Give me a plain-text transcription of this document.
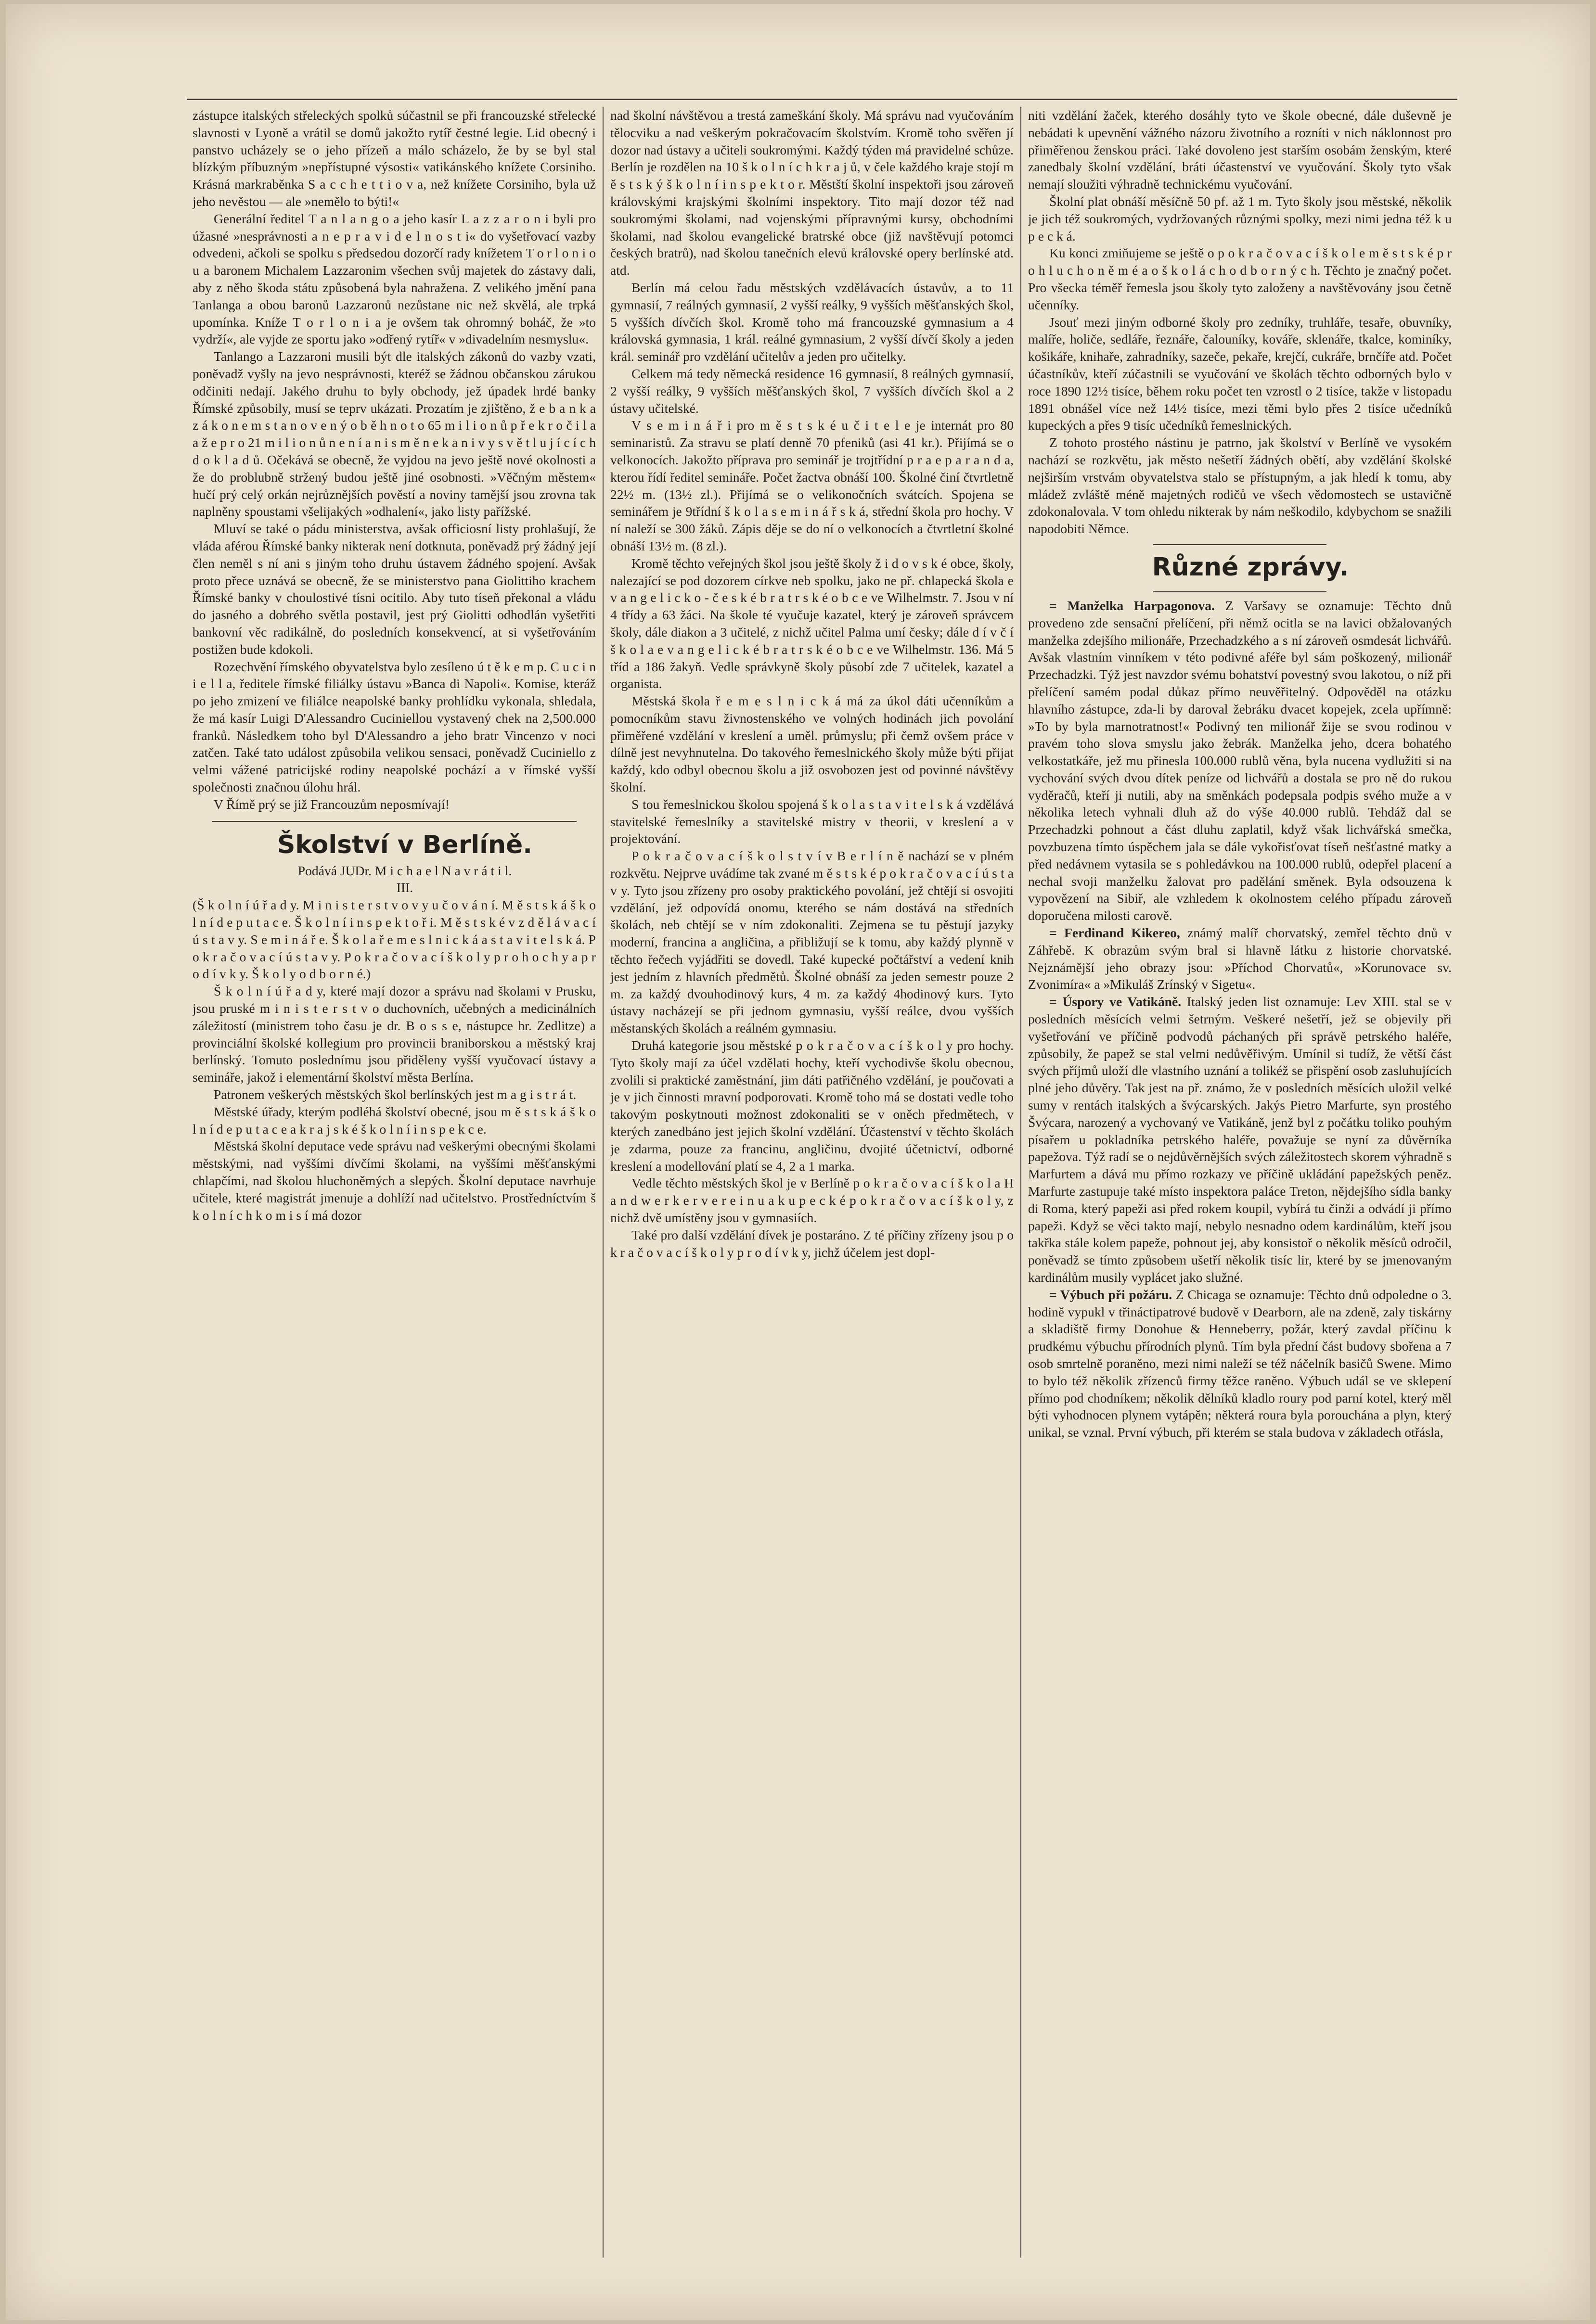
zástupce italských střeleckých spolků súčastnil se při francouzské střelecké slavnosti v Lyoně a vrátil se domů jakožto rytíř čestné legie. Lid obecný i panstvo ucházely se o jeho přízeň a málo scházelo, že by se byl stal blízkým příbuzným »nepřístupné výsosti« vatikánského knížete Corsiniho. Krásná markraběnka S a c c h e t t i o v a, než knížete Corsiniho, byla už jeho nevěstou — ale »nemělo to býti!«

Generální ředitel T a n l a n g o a jeho kasír L a z z a r o n i byli pro úžasné »nesprávnosti a n e p r a v i d e l n o s t i« do vyšetřovací vazby odvedeni, ačkoli se spolku s předsedou dozorčí rady knížetem T o r l o n i o u a baronem Michalem Lazzaronim všechen svůj majetek do zástavy dali, aby z něho škoda státu způsobená byla nahražena. Z velikého jmění pana Tanlanga a obou baronů Lazzaronů nezůstane nic než skvělá, ale trpká upomínka. Kníže T o r l o n i a je ovšem tak ohromný boháč, že »to vydrží«, ale vyjde ze sportu jako »odřený rytíř« v »divadelním nesmyslu«.

Tanlango a Lazzaroni musili být dle italských zákonů do vazby vzati, poněvadž vyšly na jevo nesprávnosti, kteréž se žádnou občanskou zárukou odčiniti nedají. Jakého druhu to byly obchody, jež úpadek hrdé banky Římské způsobily, musí se teprv ukázati. Prozatím je zjištěno, ž e b a n k a z á k o n e m s t a n o v e n ý o b ě h n o t o 65 m i l i o n ů p ř e k r o č i l a a ž e p r o 21 m i l i o n ů n e n í a n i s m ě n e k a n i v y s v ě t l u j í c í c h d o k l a d ů. Očekává se obecně, že vyjdou na jevo ještě nové okolnosti a že do problubně stržený budou ještě jiné osobnosti. »Věčným městem« hučí prý celý orkán nejrůznějších pověstí a noviny tamější jsou zrovna tak naplněny spoustami všelijakých »odhalení«, jako listy pařížské.

Mluví se také o pádu ministerstva, avšak officiosní listy prohlašují, že vláda aférou Římské banky nikterak není dotknuta, poněvadž prý žádný její člen neměl s ní ani s jiným toho druhu ústavem žádného spojení. Avšak proto přece uznává se obecně, že se ministerstvo pana Giolittiho krachem Římské banky v choulostivé tísni ocitilo. Aby tuto tíseň překonal a vládu do jasného a dobrého světla postavil, jest prý Giolitti odhodlán vyšetřiti bankovní věc radikálně, do posledních konsekvencí, at si vyšetřováním postižen bude kdokoli.

Rozechvění římského obyvatelstva bylo zesíleno ú t ě k e m p. C u c i n i e l l a, ředitele římské filiálky ústavu »Banca di Napoli«. Komise, kteráž po jeho zmizení ve filiálce neapolské banky prohlídku vykonala, shledala, že má kasír Luigi D'Alessandro Cuciniellou vystavený chek na 2,500.000 franků. Následkem toho byl D'Alessandro a jeho bratr Vincenzo v noci zatčen. Také tato událost způsobila velikou sensaci, poněvadž Cuciniello z velmi vážené patricijské rodiny neapolské pochází a v římské vyšší společnosti značnou úlohu hrál.

V Římě prý se již Francouzům neposmívají!

Školství v Berlíně.

Podává JUDr. M i c h a e l N a v r á t i l.

III.

(Š k o l n í ú ř a d y. M i n i s t e r s t v o v y u č o v á n í. M ě s t s k á š k o l n í d e p u t a c e. Š k o l n í i n s p e k t o ř i. M ě s t s k é v z d ě l á v a c í ú s t a v y. S e m i n á ř e. Š k o l a ř e m e s l n i c k á a s t a v i t e l s k á. P o k r a č o v a c í ú s t a v y. P o k r a č o v a c í š k o l y p r o h o c h y a p r o d í v k y. Š k o l y o d b o r n é.)

Š k o l n í ú ř a d y, které mají dozor a správu nad školami v Prusku, jsou pruské m i n i s t e r s t v o duchovních, učebných a medicinálních záležitostí (ministrem toho času je dr. B o s s e, nástupce hr. Zedlitze) a provinciální školské kollegium pro provincii braniborskou a městský kraj berlínský. Tomuto poslednímu jsou přiděleny vyšší vyučovací ústavy a semináře, jakož i elementární školství města Berlína.

Patronem veškerých městských škol berlínských jest m a g i s t r á t.

Městské úřady, kterým podléhá školství obecné, jsou m ě s t s k á š k o l n í d e p u t a c e a k r a j s k é š k o l n í i n s p e k c e.

Městská školní deputace vede správu nad veškerými obecnými školami městskými, nad vyššími dívčími školami, na vyššími měšťanskými chlapčími, nad školou hluchoněmých a slepých. Školní deputace navrhuje učitele, které magistrát jmenuje a dohlíží nad učitelstvo. Prostředníctvím š k o l n í c h k o m i s í má dozor

nad školní návštěvou a trestá zameškání školy. Má správu nad vyučováním tělocviku a nad veškerým pokračovacím školstvím. Kromě toho svěřen jí dozor nad ústavy a učiteli soukromými. Každý týden má pravidelné schůze. Berlín je rozdělen na 10 š k o l n í c h k r a j ů, v čele každého kraje stojí m ě s t s k ý š k o l n í i n s p e k t o r. Městští školní inspektoři jsou zároveň královskými krajskými školními inspektory. Tito mají dozor též nad soukromými školami, nad vojenskými přípravnými kursy, obchodními školami, nad školou evangelické bratrské obce (již navštěvují potomci českých bratrů), nad školou tanečních elevů královské opery berlínské atd. atd.

Berlín má celou řadu městských vzdělávacích ústavův, a to 11 gymnasií, 7 reálných gymnasií, 2 vyšší reálky, 9 vyšších měšťanských škol, 5 vyšších dívčích škol. Kromě toho má francouzské gymnasium a 4 královská gymnasia, 1 král. reálné gymnasium, 2 vyšší dívčí školy a jeden král. seminář pro vzdělání učitelův a jeden pro učitelky.

Celkem má tedy německá residence 16 gymnasií, 8 reálných gymnasií, 2 vyšší reálky, 9 vyšších měšťanských škol, 7 vyšších dívčích škol a 2 ústavy učitelské.

V s e m i n á ř i pro m ě s t s k é u č i t e l e je internát pro 80 seminaristů. Za stravu se platí denně 70 pfeniků (asi 41 kr.). Přijímá se o velkonocích. Jakožto příprava pro seminář je trojtřídní p r a e p a r a n d a, kterou řídí ředitel semináře. Počet žactva obnáší 100. Školné činí čtvrtletně 22½ m. (13½ zl.). Přijímá se o velikonočních svátcích. Spojena se seminářem je 9třídní š k o l a s e m i n á ř s k á, střední škola pro hochy. V ní naleží se 300 žáků. Zápis děje se do ní o velkonocích a čtvrtletní školné obnáší 13½ m. (8 zl.).

Kromě těchto veřejných škol jsou ještě školy ž i d o v s k é obce, školy, nalezající se pod dozorem církve neb spolku, jako ne př. chlapecká škola e v a n g e l i c k o - č e s k é b r a t r s k é o b c e ve Wilhelmstr. 7. Jsou v ní 4 třídy a 63 žáci. Na škole té vyučuje kazatel, který je zároveň správcem školy, dále diakon a 3 učitelé, z nichž učitel Palma umí česky; dále d í v č í š k o l a e v a n g e l i c k é b r a t r s k é o b c e ve Wilhelmstr. 136. Má 5 tříd a 186 žakyň. Vedle správkyně školy působí zde 7 učitelek, kazatel a organista.

Městská škola ř e m e s l n i c k á má za úkol dáti učenníkům a pomocníkům stavu živnostenského ve volných hodinách jich povolání přiměřené vzdělání v kreslení a uměl. průmyslu; při čemž ovšem práce v dílně jest nevyhnutelna. Do takového řemeslnického školy může býti přijat každý, kdo odbyl obecnou školu a již osvobozen jest od povinné návštěvy školní.

S tou řemeslnickou školou spojená š k o l a s t a v i t e l s k á vzdělává stavitelské řemeslníky a stavitelské mistry v theorii, v kreslení a v projektování.

P o k r a č o v a c í š k o l s t v í v B e r l í n ě nachází se v plném rozkvětu. Nejprve uvádíme tak zvané m ě s t s k é p o k r a č o v a c í ú s t a v y. Tyto jsou zřízeny pro osoby praktického povolání, jež chtějí si osvojiti vzdělání, jež odpovídá onomu, kterého se nám dostává na středních školách, neb chtějí se v ním zdokonaliti. Zejmena se tu pěstují jazyky moderní, francina a angličina, a přibližují se k tomu, aby každý plynně v těchto řečech vyjádřiti se dovedl. Také kupecké počtářství a vedení knih jest jedním z hlavních předmětů. Školné obnáší za jeden semestr pouze 2 m. za každý dvouhodinový kurs, 4 m. za každý 4hodinový kurs. Tyto ústavy nacházejí se při jednom gymnasiu, vyšší reálce, dvou vyšších městanských školách a reálném gymnasiu.

Druhá kategorie jsou městské p o k r a č o v a c í š k o l y pro hochy. Tyto školy mají za účel vzdělati hochy, kteří vychodivše školu obecnou, zvolili si praktické zaměstnání, jim dáti patřičného vzdělání, je poučovati a je v jich činnosti mravní podporovati. Kromě toho má se dostati vedle toho takovým poskytnouti možnost zdokonaliti se v oněch předmětech, v kterých zanedbáno jest jejich školní vzdělání. Účastenství v těchto školách je zdarma, pouze za francinu, angličinu, dvojité účetnictví, odborné kreslení a modellování platí se 4, 2 a 1 marka.

Vedle těchto městských škol je v Berlíně p o k r a č o v a c í š k o l a H a n d w e r k e r v e r e i n u a k u p e c k é p o k r a č o v a c í š k o l y, z nichž dvě umístěny jsou v gymnasiích.

Také pro další vzdělání dívek je postaráno. Z té příčiny zřízeny jsou p o k r a č o v a c í š k o l y p r o d í v k y, jichž účelem jest dopl-

niti vzdělání žaček, kterého dosáhly tyto ve škole obecné, dále duševně je nebádati k upevnění vážného názoru životního a rozníti v nich náklonnost pro přiměřenou ženskou práci. Také dovoleno jest starším osobám ženským, které zanedbaly školní vzdělání, bráti účastenství ve vyučování. Školy tyto však nemají sloužiti výhradně technickému vyučování.

Školní plat obnáší měsíčně 50 pf. až 1 m. Tyto školy jsou městské, několik je jich též soukromých, vydržovaných různými spolky, mezi nimi jedna též k u p e c k á.

Ku konci zmiňujeme se ještě o p o k r a č o v a c í š k o l e m ě s t s k é p r o h l u c h o n ě m é a o š k o l á c h o d b o r n ý c h. Těchto je značný počet. Pro všecka téměř řemesla jsou školy tyto založeny a navštěvovány jsou četně učenníky.

Jsouť mezi jiným odborné školy pro zedníky, truhláře, tesaře, obuvníky, malíře, holiče, sedláře, řeznáře, čalouníky, kováře, sklenáře, tkalce, kominíky, košikáře, knihaře, zahradníky, sazeče, pekaře, krejčí, cukráře, brnčíře atd. Počet účastníkův, kteří zúčastnili se vyučování ve školách těchto odborných bylo v roce 1890 12½ tisíce, během roku počet ten vzrostl o 2 tisíce, takže v listopadu 1891 obnášel více než 14½ tisíce, mezi těmi bylo přes 2 tisíce učedníků kupeckých a přes 9 tisíc učedníků řemeslnických.

Z tohoto prostého nástinu je patrno, jak školství v Berlíně ve vysokém nachází se rozkvětu, jak město nešetří žádných obětí, aby vzdělání školské nejširším vrstvám obyvatelstva stalo se přístupným, a jak hledí k tomu, aby mládež zvláště méně majetných rodičů ve všech vědomostech se ustavičně zdokonalovala. V tom ohledu nikterak by nám neškodilo, kdybychom se snažili napodobiti Němce.

Různé zprávy.

= Manželka Harpagonova. Z Varšavy se oznamuje: Těchto dnů provedeno zde sensační přelíčení, při němž ocitla se na lavici obžalovaných manželka zdejšího milionáře, Przechadzkého a s ní zároveň osmdesát lichvářů. Avšak vlastním vinníkem v této podivné aféře byl sám poškozený, milionář Przechadzki. Týž jest navzdor svému bohatství povestný svou lakotou, o níž při přelíčení samém podal důkaz přímo neuvěřitelný. Odpověděl na otázku hlavního zástupce, zda-li by daroval žebráku dvacet kopejek, zcela upřímně: »To by byla marnotratnost!« Podivný ten milionář žije se svou rodinou v pravém toho slova smyslu jako žebrák. Manželka jeho, dcera bohatého velkostatkáře, jež mu přinesla 100.000 rublů věna, byla nucena vydlužiti si na vychování svých dvou dítek peníze od lichvářů a dostala se pro ně do rukou vyděračů, kteří ji nutili, aby na směnkách podepsala podpis svého muže a v několika letech vyhnali dluh až do výše 40.000 rublů. Tehdáž dal se Przechadzki pohnout a část dluhu zaplatil, když však lichvářská smečka, povzbuzena tímto úspěchem jala se dále vykořisťovat tíseň nešťastné matky a před nedávnem vytasila se s pohledávkou na 100.000 rublů, odepřel placení a nechal svoji manželku žalovat pro padělání směnek. Byla odsouzena k vypovězení na Sibiř, ale vzhledem k okolnostem celého případu zároveň doporučena milosti carově.

= Ferdinand Kikereo, známý malíř chorvatský, zemřel těchto dnů v Záhřebě. K obrazům svým bral si hlavně látku z historie chorvatské. Nejznámější jeho obrazy jsou: »Příchod Chorvatů«, »Korunovace sv. Zvonimíra« a »Mikuláš Zrínský v Sigetu«.

= Úspory ve Vatikáně. Italský jeden list oznamuje: Lev XIII. stal se v posledních měsících velmi šetrným. Veškeré nešetří, jež se objevily při vyšetřování ve příčině podvodů páchaných při správě petrského haléře, způsobily, že papež se stal velmi nedůvěřivým. Umínil si tudíž, že větší část svých příjmů uloží dle vlastního uznání a tolikéž se přispění osob zasluhujících plné jeho důvěry. Tak jest na př. známo, že v posledních měsících uložil velké sumy v rentách italských a švýcarských. Jakýs Pietro Marfurte, syn prostého Švýcara, narozený a vychovaný ve Vatikáně, jenž byl z počátku toliko pouhým písařem u pokladníka petrského haléře, považuje se nyní za důvěrníka papežova. Týž radí se o nejdůvěrnějších svých záležitostech skorem výhradně s Marfurtem a dává mu přímo rozkazy ve příčině ukládání papežských peněz. Marfurte zastupuje také místo inspektora paláce Treton, nějdejšího sídla banky di Roma, který papeži asi před rokem koupil, vybírá tu činži a odvádí ji přímo papeži. Když se věci takto mají, nebylo nesnadno odem kardinálům, kteří jsou takřka stále kolem papeže, pohnout jej, aby konsistoř o několik měsíců odročil, poněvadž se tímto způsobem ušetří několik tisíc lir, které by se jmenovaným kardinálům musily vyplácet jako služné.

= Výbuch při požáru. Z Chicaga se oznamuje: Těchto dnů odpoledne o 3. hodině vypukl v třináctipatrové budově v Dearborn, ale na zdeně, zaly tiskárny a skladiště firmy Donohue & Henneberry, požár, který zavdal příčinu k prudkému výbuchu přírodních plynů. Tím byla přední část budovy sbořena a 7 osob smrtelně poraněno, mezi nimi naleží se též náčelník basičů Swene. Mimo to bylo též několik zřízenců firmy těžce raněno. Výbuch udál se ve sklepení přímo pod chodníkem; několik dělníků kladlo roury pod parní kotel, který měl býti vyhodnocen plynem vytápěn; některá roura byla porouchána a plyn, který unikal, se vznal. První výbuch, při kterém se stala budova v základech otřásla,
